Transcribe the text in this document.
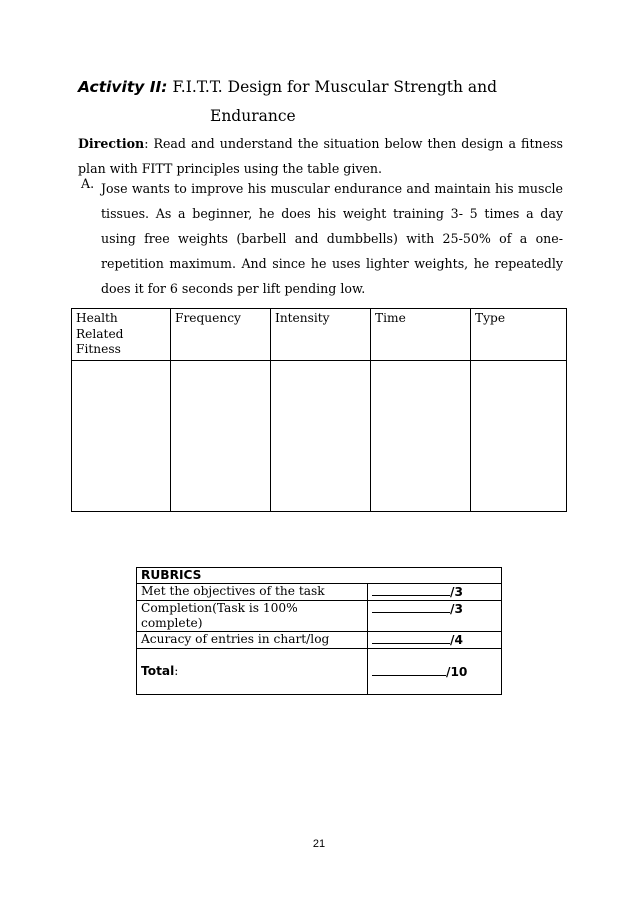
Activity II: F.I.T.T. Design for Muscular Strength and
Endurance
Direction: Read and understand the situation below then design a fitness plan with FITT principles using the table given.
A. Jose wants to improve his muscular endurance and maintain his muscle
tissues. As a beginner, he does his weight training 3- 5 times a day
using free weights (barbell and dumbbells) with 25-50% of a one-
repetition maximum. And since he uses lighter weights, he repeatedly
does it for 6 seconds per lift pending low.
Health Related Fitness	Frequency	Intensity	Time	Type

RUBRICS	
Met the objectives of the task	/3
Completion(Task is 100% complete)	/3
Acuracy of entries in chart/log	/4
Total:	/10
21
